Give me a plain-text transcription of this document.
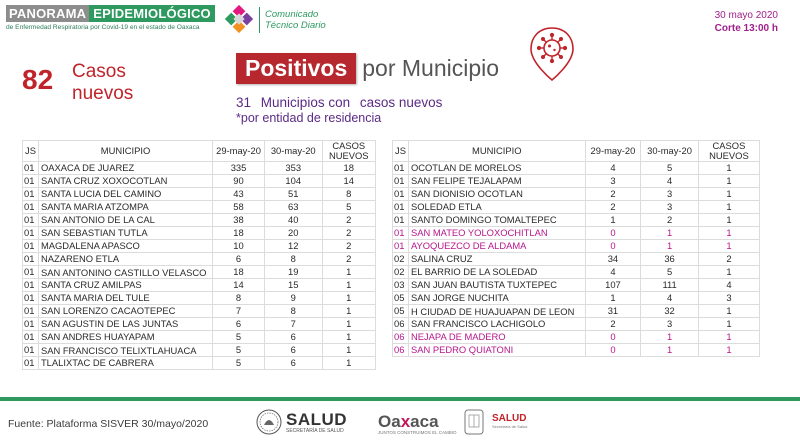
PANORAMA EPIDEMIOLÓGICO
de Enfermedad Respiratoria por Covid-19 en el estado de Oaxaca
Comunicado
Técnico Diario
30 mayo 2020
Corte 13:00 h
82 Casos
nuevos
Positivos por Municipio
31 Municipios con casos nuevos
*por entidad de residencia
JS	MUNICIPIO	29-may-20	30-may-20	CASOS
NUEVOS

01	OAXACA DE JUAREZ	335	353	18
01	SANTA CRUZ XOXOCOTLAN	90	104	14
01	SANTA LUCIA DEL CAMINO	43	51	8
01	SANTA MARIA ATZOMPA	58	63	5
01	SAN ANTONIO DE LA CAL	38	40	2
01	SAN SEBASTIAN TUTLA	18	20	2
01	MAGDALENA APASCO	10	12	2
01	NAZARENO ETLA	6	8	2
01	SAN ANTONINO CASTILLO VELASCO	18	19	1
01	SANTA CRUZ AMILPAS	14	15	1
01	SANTA MARIA DEL TULE	8	9	1
01	SAN LORENZO CACAOTEPEC	7	8	1
01	SAN AGUSTIN DE LAS JUNTAS	6	7	1
01	SAN ANDRES HUAYAPAM	5	6	1
01	SAN FRANCISCO TELIXTLAHUACA	5	6	1
01	TLALIXTAC DE CABRERA	5	6	1
JS	MUNICIPIO	29-may-20	30-may-20	CASOS
NUEVOS

01	OCOTLAN DE MORELOS	4	5	1
01	SAN FELIPE TEJALAPAM	3	4	1
01	SAN DIONISIO OCOTLAN	2	3	1
01	SOLEDAD ETLA	2	3	1
01	SANTO DOMINGO TOMALTEPEC	1	2	1
01	SAN MATEO YOLOXOCHITLAN	0	1	1
01	AYOQUEZCO DE ALDAMA	0	1	1
02	SALINA CRUZ	34	36	2
02	EL BARRIO DE LA SOLEDAD	4	5	1
03	SAN JUAN BAUTISTA TUXTEPEC	107	111	4
05	SAN JORGE NUCHITA	1	4	3
05	H CIUDAD DE HUAJUAPAN DE LEON	31	32	1
06	SAN FRANCISCO LACHIGOLO	2	3	1
06	NEJAPA DE MADERO	0	1	1
06	SAN PEDRO QUIATONI	0	1	1
Fuente: Plataforma SISVER 30/mayo/2020	SALUD
SECRETARÍA DE SALUD Oaxaca
JUNTOS CONSTRUIMOS EL CAMBIO
SALUD
Secretaría de Salud
